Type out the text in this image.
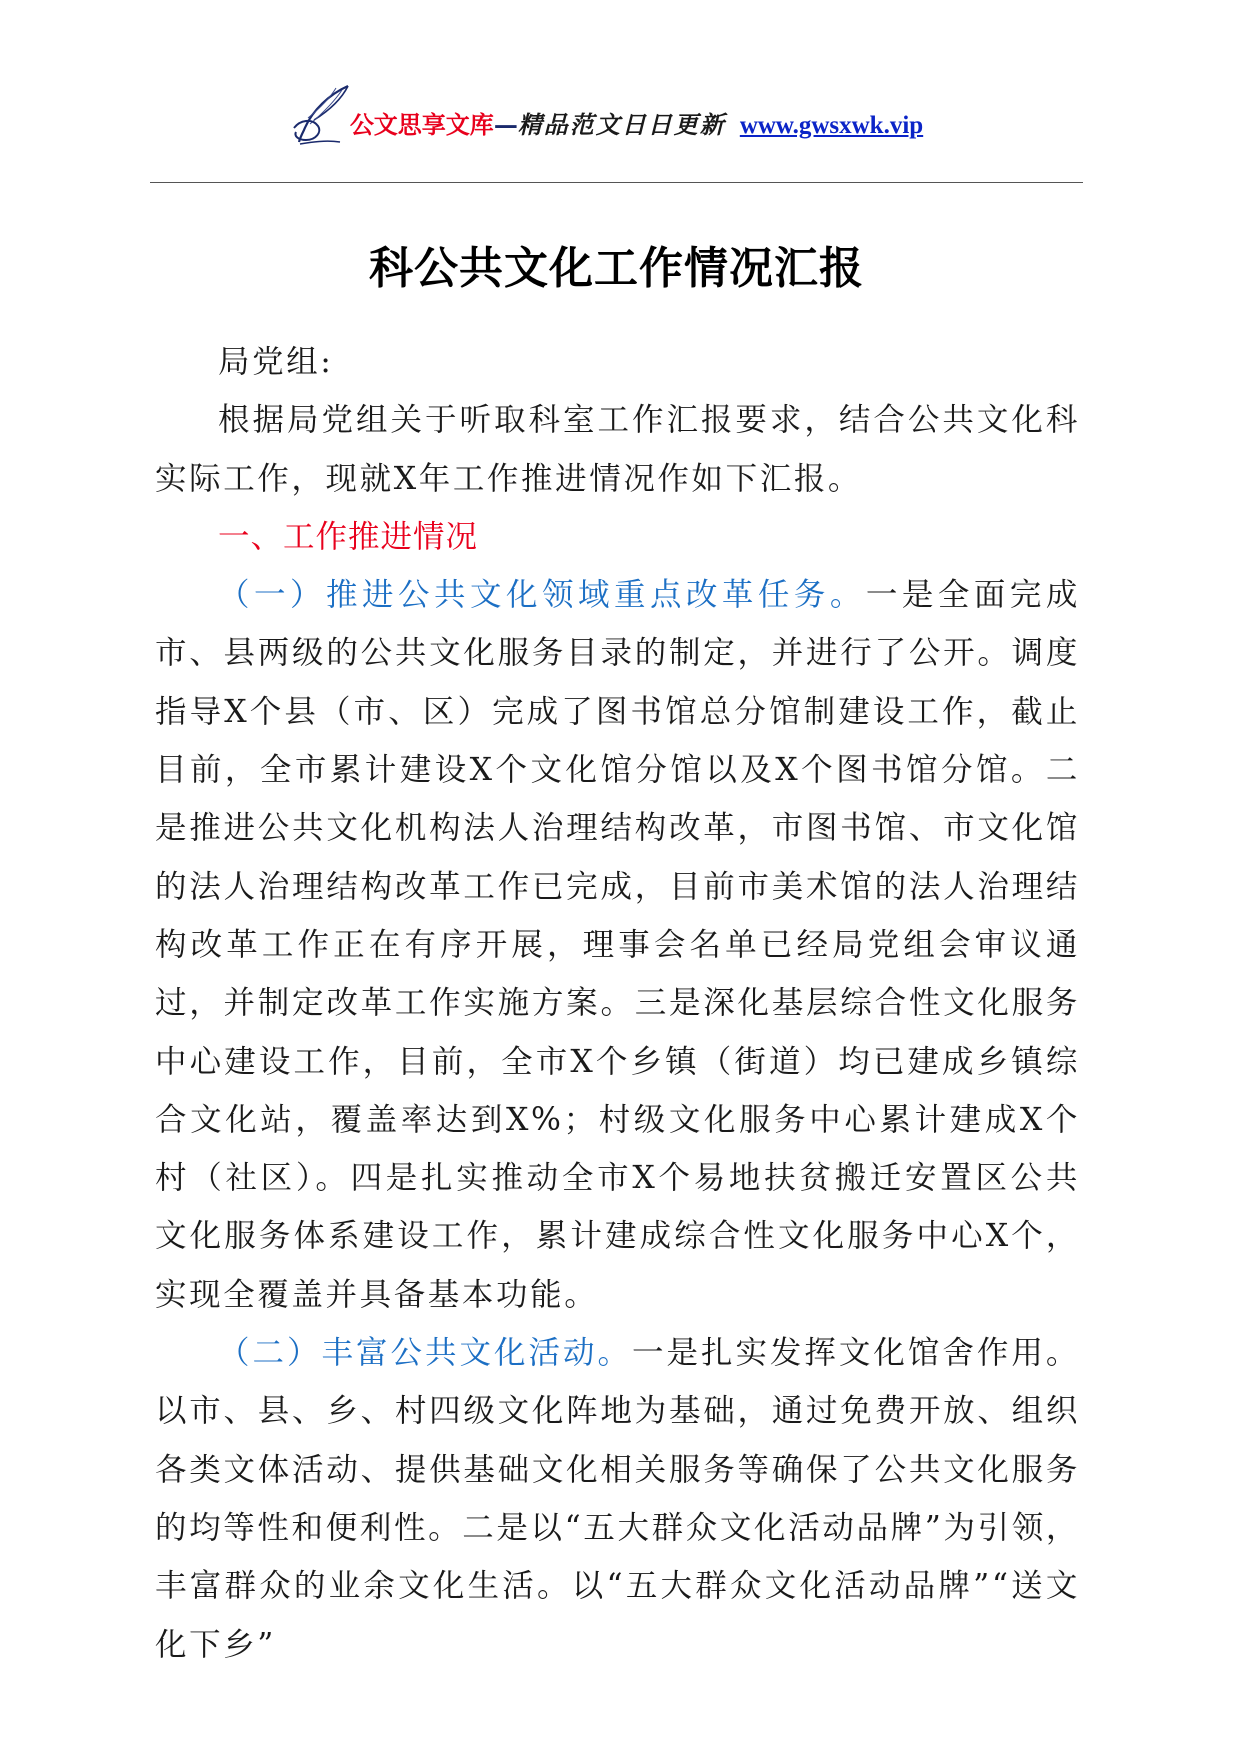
公文思享文库—精品范文日日更新 www.gwsxwk.vip
科公共文化工作情况汇报

局党组:

根据局党组关于听取科室工作汇报要求，结合公共文化科实际工作，现就X年工作推进情况作如下汇报。

一、工作推进情况

（一）推进公共文化领域重点改革任务。一是全面完成市、县两级的公共文化服务目录的制定，并进行了公开。调度指导X个县（市、区）完成了图书馆总分馆制建设工作，截止目前，全市累计建设X个文化馆分馆以及X个图书馆分馆。二是推进公共文化机构法人治理结构改革，市图书馆、市文化馆的法人治理结构改革工作已完成，目前市美术馆的法人治理结构改革工作正在有序开展，理事会名单已经局党组会审议通过，并制定改革工作实施方案。三是深化基层综合性文化服务中心建设工作，目前，全市X个乡镇（街道）均已建成乡镇综合文化站，覆盖率达到X%；村级文化服务中心累计建成X个村（社区）。四是扎实推动全市X个易地扶贫搬迁安置区公共文化服务体系建设工作，累计建成综合性文化服务中心X个，实现全覆盖并具备基本功能。

（二）丰富公共文化活动。一是扎实发挥文化馆舍作用。以市、县、乡、村四级文化阵地为基础，通过免费开放、组织各类文体活动、提供基础文化相关服务等确保了公共文化服务的均等性和便利性。二是以“五大群众文化活动品牌”为引领，丰富群众的业余文化生活。以“五大群众文化活动品牌”“送文化下乡”
